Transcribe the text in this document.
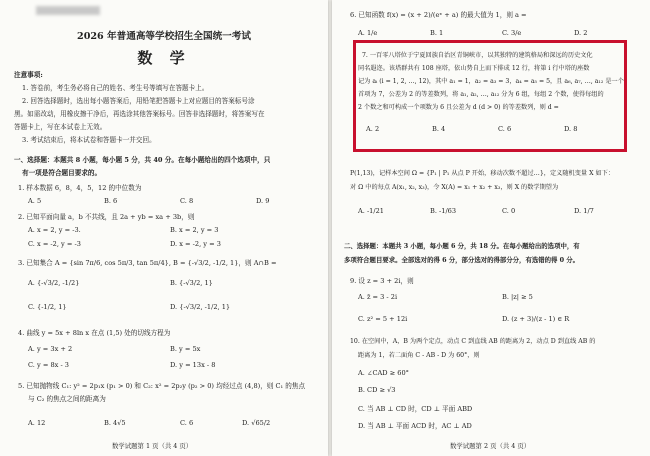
2026 年普通高等学校招生全国统一考试
数 学
注意事项:
1. 答卷前，考生务必将自己的姓名、考生号等填写在答题卡上。
2. 回答选择题时，选出每小题答案后，用铅笔把答题卡上对应题目的答案标号涂
黑。如需改动，用橡皮擦干净后，再选涂其他答案标号。回答非选择题时，将答案写在
答题卡上，写在本试卷上无效。
3. 考试结束后，将本试卷和答题卡一并交回。
一、选择题：本题共 8 小题，每小题 5 分，共 40 分。在每小题给出的四个选项中，只
有一项是符合题目要求的。
1. 样本数据 6，8，4，5，12 的中位数为
A. 5	B. 6	C. 8	D. 9
2. 已知平面向量 a，b 不共线，且 2a + yb = xa + 3b，则
A. x = 2, y = -3.	B. x = 2, y = 3
C. x = -2, y = -3	D. x = -2, y = 3
3. 已知集合 A = {sin 7π/6, cos 5π/3, tan 5π/4}, B = {-√3/2, -1/2, 1}，则 A∩B =
A. {-√3/2, -1/2}	B. {-√3/2, 1}
C. {-1/2, 1}	D. {-√3/2, -1/2, 1}
4. 曲线 y = 5x + 8ln x 在点 (1,5) 处的切线方程为
A. y = 3x + 2	B. y = 5x
C. y = 8x - 3	D. y = 13x - 8
5. 已知抛物线 C₁: y² = 2p₁x (p₁ > 0) 和 C₂: x² = 2p₂y (p₂ > 0) 均经过点 (4,8)，则 C₁ 的焦点
与 C₂ 的焦点之间的距离为
A. 12	B. 4√5	C. 6	D. √65/2
数学试题第 1 页（共 4 页）
6. 已知函数 f(x) = (x + 2)/(eˣ + a) 的最大值为 1，则 a =
A. 1/e	B. 1	C. 3/e	D. 2
7. 一百零八塔位于宁夏回族自治区青铜峡市，以其独特的建筑格局和深远的历史文化
同名遐迩。该塔群共有 108 座塔，依山势自上而下排成 12 行，将第 i 行中塔的座数
记为 aᵢ (i = 1, 2, …, 12)，其中 a₁ = 1，a₂ = a₃ = 3，a₄ = a₅ = 5，且 a₆, a₇, …, a₁₂ 是一个
首项为 7，公差为 2 的等差数列，将 a₁, a₂, …, a₁₂ 分为 6 组，每组 2 个数，使得每组的
2 个数之和可构成一个项数为 6 且公差为 d (d > 0) 的等差数列，则 d =
A. 2	B. 4	C. 6	D. 8
P(1,13)，记样本空间 Ω = {P₁ | P₁ 从点 P 开始，移动次数不超过…}，定义随机变量 X 如下：
对 Ω 中的每点 A(x₁, x₂, x₃)，令 X(A) = x₁ + x₂ + x₃，则 X 的数学期望为
A. -1/21	B. -1/63	C. 0	D. 1/7
二、选择题：本题共 3 小题，每小题 6 分，共 18 分。在每小题给出的选项中，有
多项符合题目要求。全部选对的得 6 分，部分选对的得部分分，有选错的得 0 分。
9. 设 z = 3 + 2i，则
A. z̄ = 3 - 2i	B. |z| ≥ 5
C. z² = 5 + 12i	D. (z + 3)/(z - 1) ∈ R
10. 在空间中，A，B 为两个定点，动点 C 到直线 AB 的距离为 2，动点 D 到直线 AB 的
距离为 1，若二面角 C - AB - D 为 60°，则
A. ∠CAD ≥ 60°
B. CD ≥ √3
C. 当 AB ⊥ CD 时，CD ⊥ 平面 ABD
D. 当 AB ⊥ 平面 ACD 时，AC ⊥ AD
数学试题第 2 页（共 4 页）
